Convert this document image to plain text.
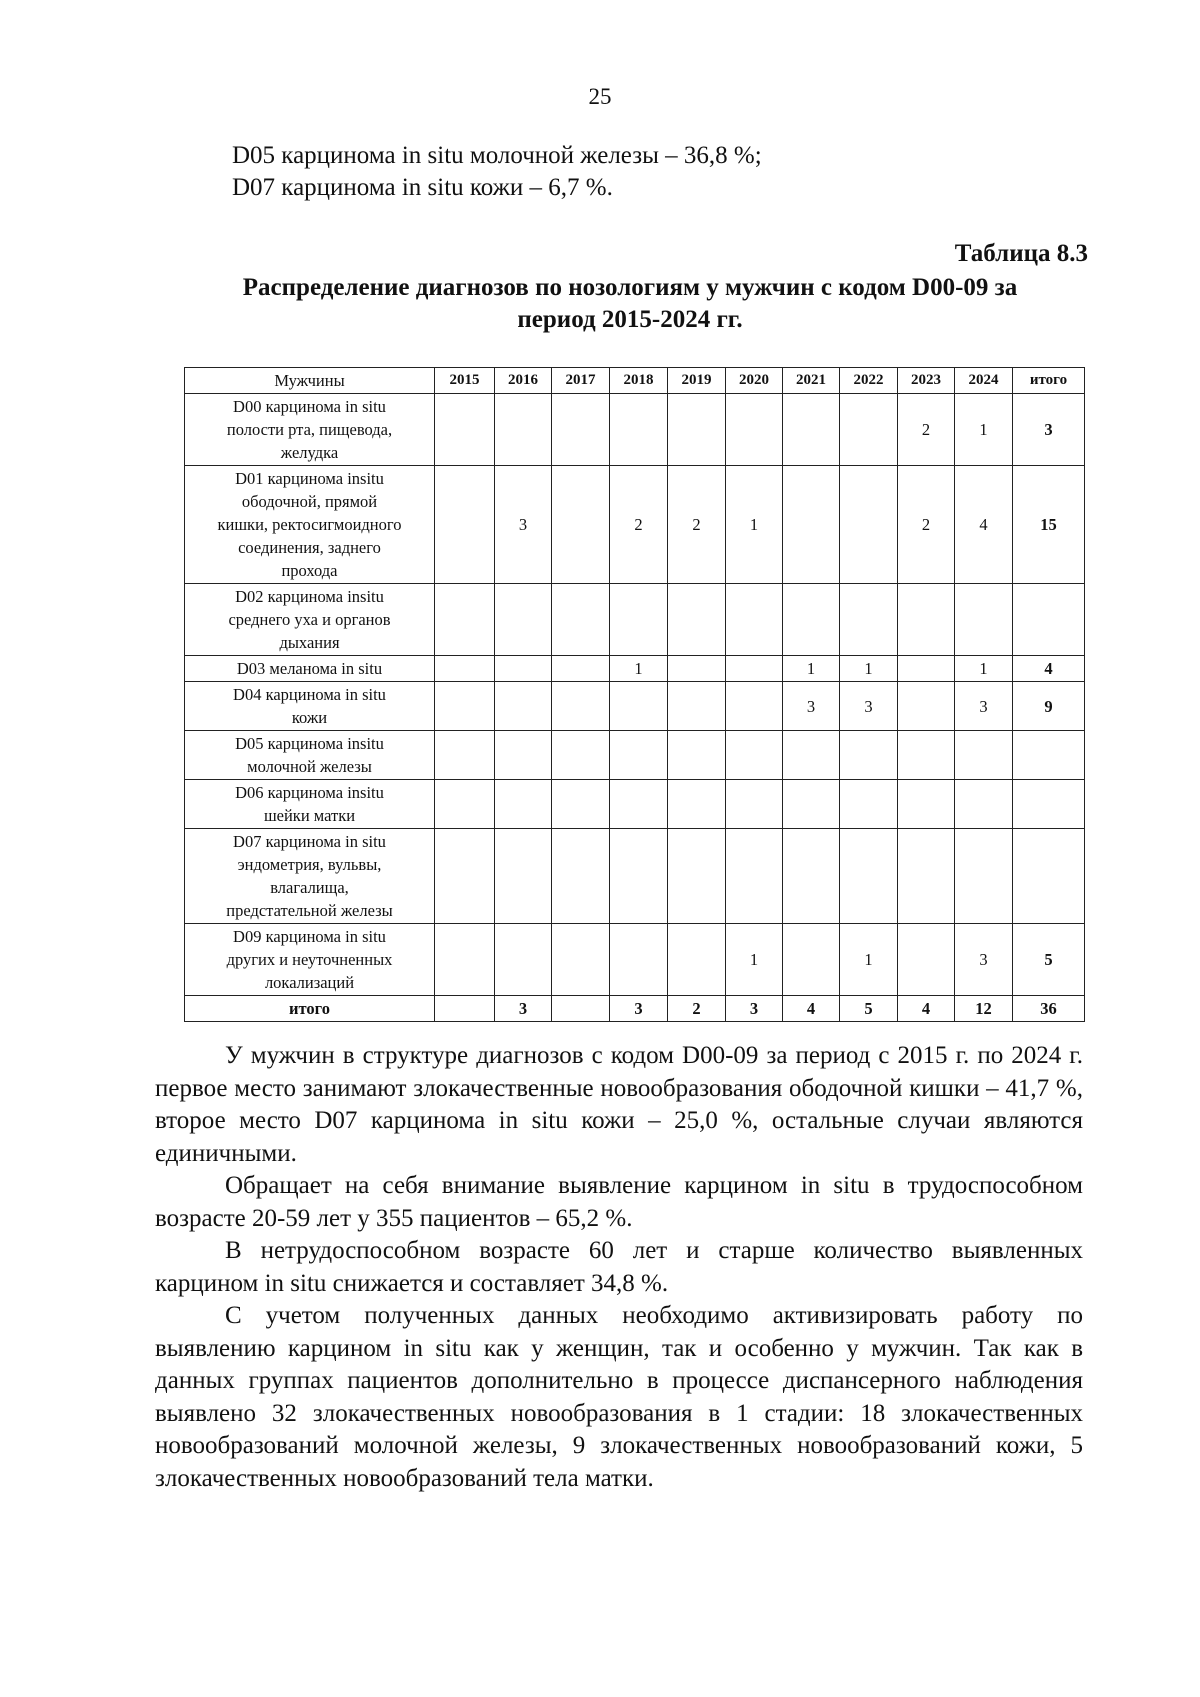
25
D05 карцинома in situ молочной железы – 36,8 %;
D07 карцинома in situ кожи – 6,7 %.
Таблица 8.3
Распределение диагнозов по нозологиям у мужчин с кодом D00-09 за
период 2015-2024 гг.
Мужчины	2015	2016	2017	2018	2019	2020	2021	2022	2023	2024	итого

D00 карцинома in situ
полости рта, пищевода,
желудка									2	1	3

D01 карцинома insitu
ободочной, прямой
кишки, ректосигмоидного
соединения, заднего
прохода		3		2	2	1			2	4	15

D02 карцинома insitu
среднего уха и органов
дыхания											

D03 меланома in situ				1			1	1		1	4

D04 карцинома in situ
кожи							3	3		3	9

D05 карцинома insitu
молочной железы											

D06 карцинома insitu
шейки матки											

D07 карцинома in situ
эндометрия, вульвы,
влагалища,
предстательной железы											

D09 карцинома in situ
других и неуточненных
локализаций						1		1		3	5
итого		3		3	2	3	4	5	4	12	36

У мужчин в структуре диагнозов с кодом D00-09 за период с 2015 г. по 2024 г. первое место занимают злокачественные новообразования ободочной кишки – 41,7 %, второе место D07 карцинома in situ кожи – 25,0 %, остальные случаи являются единичными.

Обращает на себя внимание выявление карцином in situ в трудоспособном возрасте 20-59 лет у 355 пациентов – 65,2 %.

В нетрудоспособном возрасте 60 лет и старше количество выявленных карцином in situ снижается и составляет 34,8 %.

С учетом полученных данных необходимо активизировать работу по выявлению карцином in situ как у женщин, так и особенно у мужчин. Так как в данных группах пациентов дополнительно в процессе диспансерного наблюдения выявлено 32 злокачественных новообразования в 1 стадии: 18 злокачественных новообразований молочной железы, 9 злокачественных новообразований кожи, 5 злокачественных новообразований тела матки.
